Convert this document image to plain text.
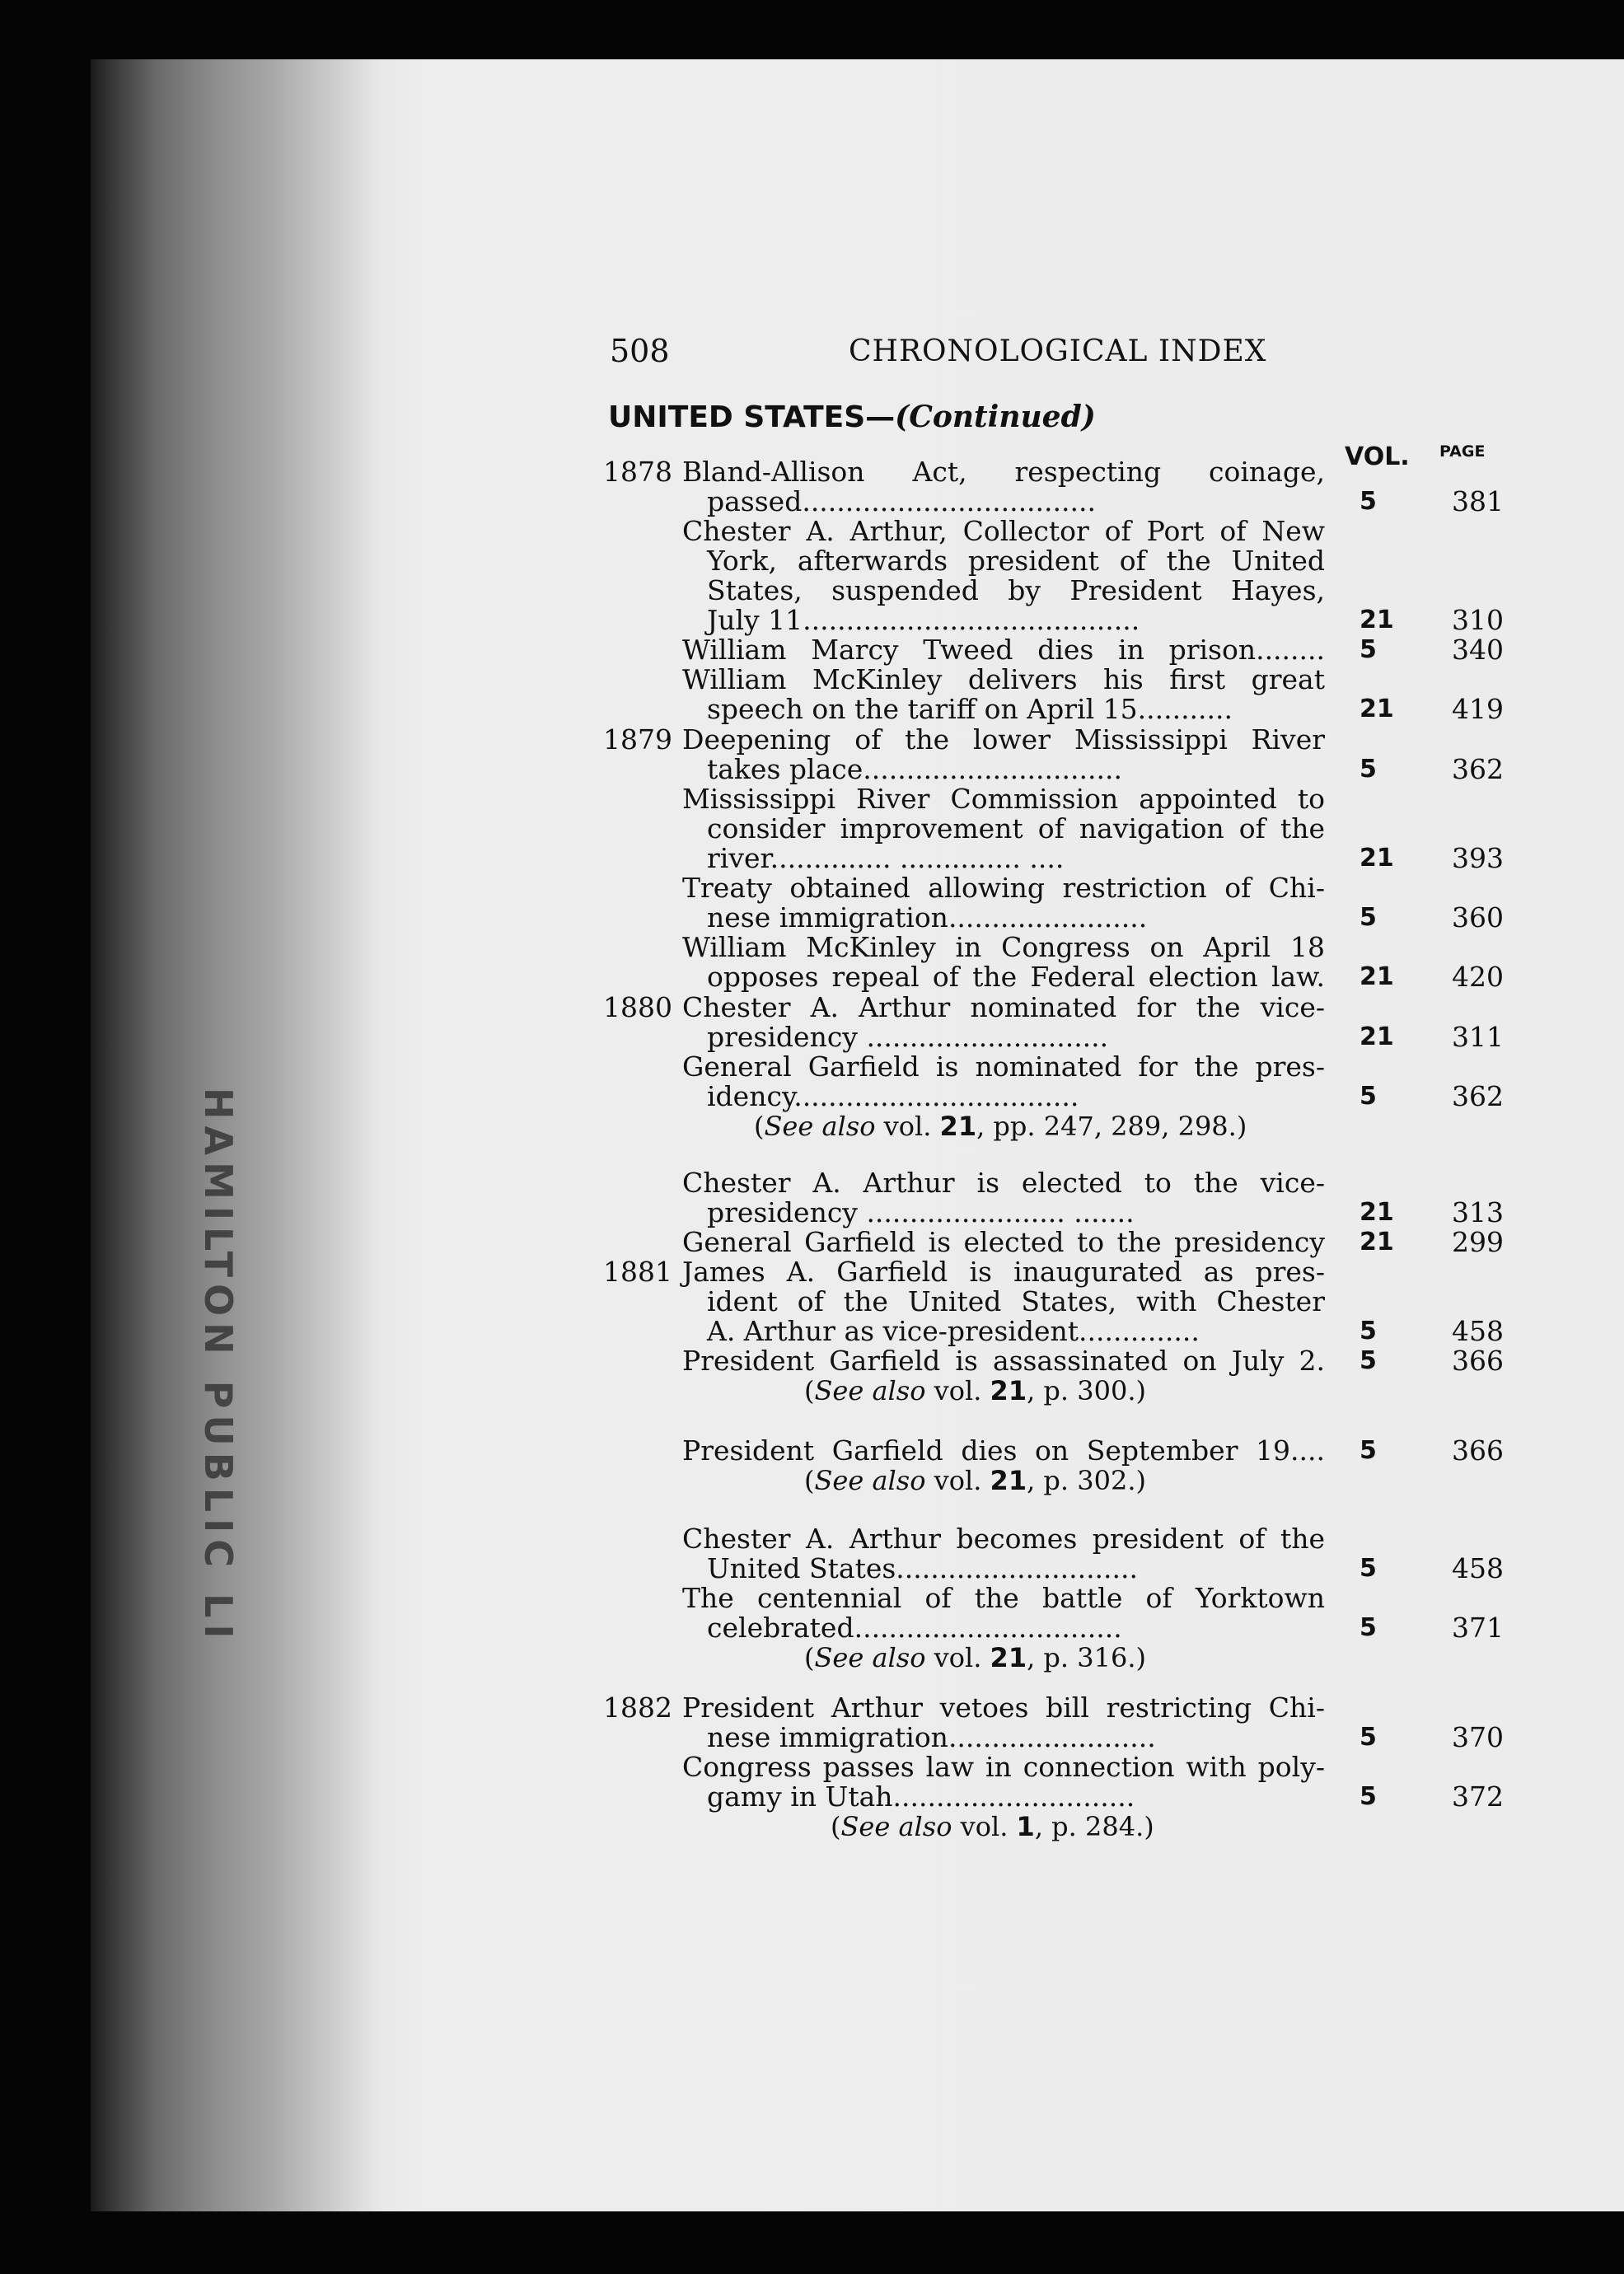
HAMILTON PUBLIC LI
508	CHRONOLOGICAL INDEX
UNITED STATES—(Continued)
VOL. PAGE
1878 Bland-Allison Act, respecting coinage,
passed..................................	5	381
Chester A. Arthur, Collector of Port of New
York, afterwards president of the United
States, suspended by President Hayes,
July 11.......................................	21 310
William Marcy Tweed dies in prison........ 5	340
William McKinley delivers his first great
speech on the tariff on April 15...........	21 419
1879 Deepening of the lower Mississippi River
takes place..............................	5	362
Mississippi River Commission appointed to
consider improvement of navigation of the
river.............. .............. ....	21 393
Treaty obtained allowing restriction of Chi-
nese immigration.......................	5	360
William McKinley in Congress on April 18
opposes repeal of the Federal election law. 21 420
1880 Chester A. Arthur nominated for the vice-
presidency ............................	21 311
General Garfield is nominated for the pres-
idency.................................	5	362
Chester A. Arthur is elected to the vice-
presidency ....................... .......	21 313
General Garfield is elected to the presidency 21 299
1881 James A. Garfield is inaugurated as pres-
ident of the United States, with Chester
A. Arthur as vice-president..............	5	458
President Garfield is assassinated on July 2. 5	366
President Garfield dies on September 19.... 5	366
Chester A. Arthur becomes president of the
United States............................	5	458
The centennial of the battle of Yorktown
celebrated...............................	5	371
1882 President Arthur vetoes bill restricting Chi-
nese immigration........................	5	370
Congress passes law in connection with poly-
gamy in Utah............................	5	372
(See also vol. 21, pp. 247, 289, 298.)
(See also vol. 21, p. 300.)
(See also vol. 21, p. 302.)
(See also vol. 21, p. 316.)
(See also vol. 1, p. 284.)
